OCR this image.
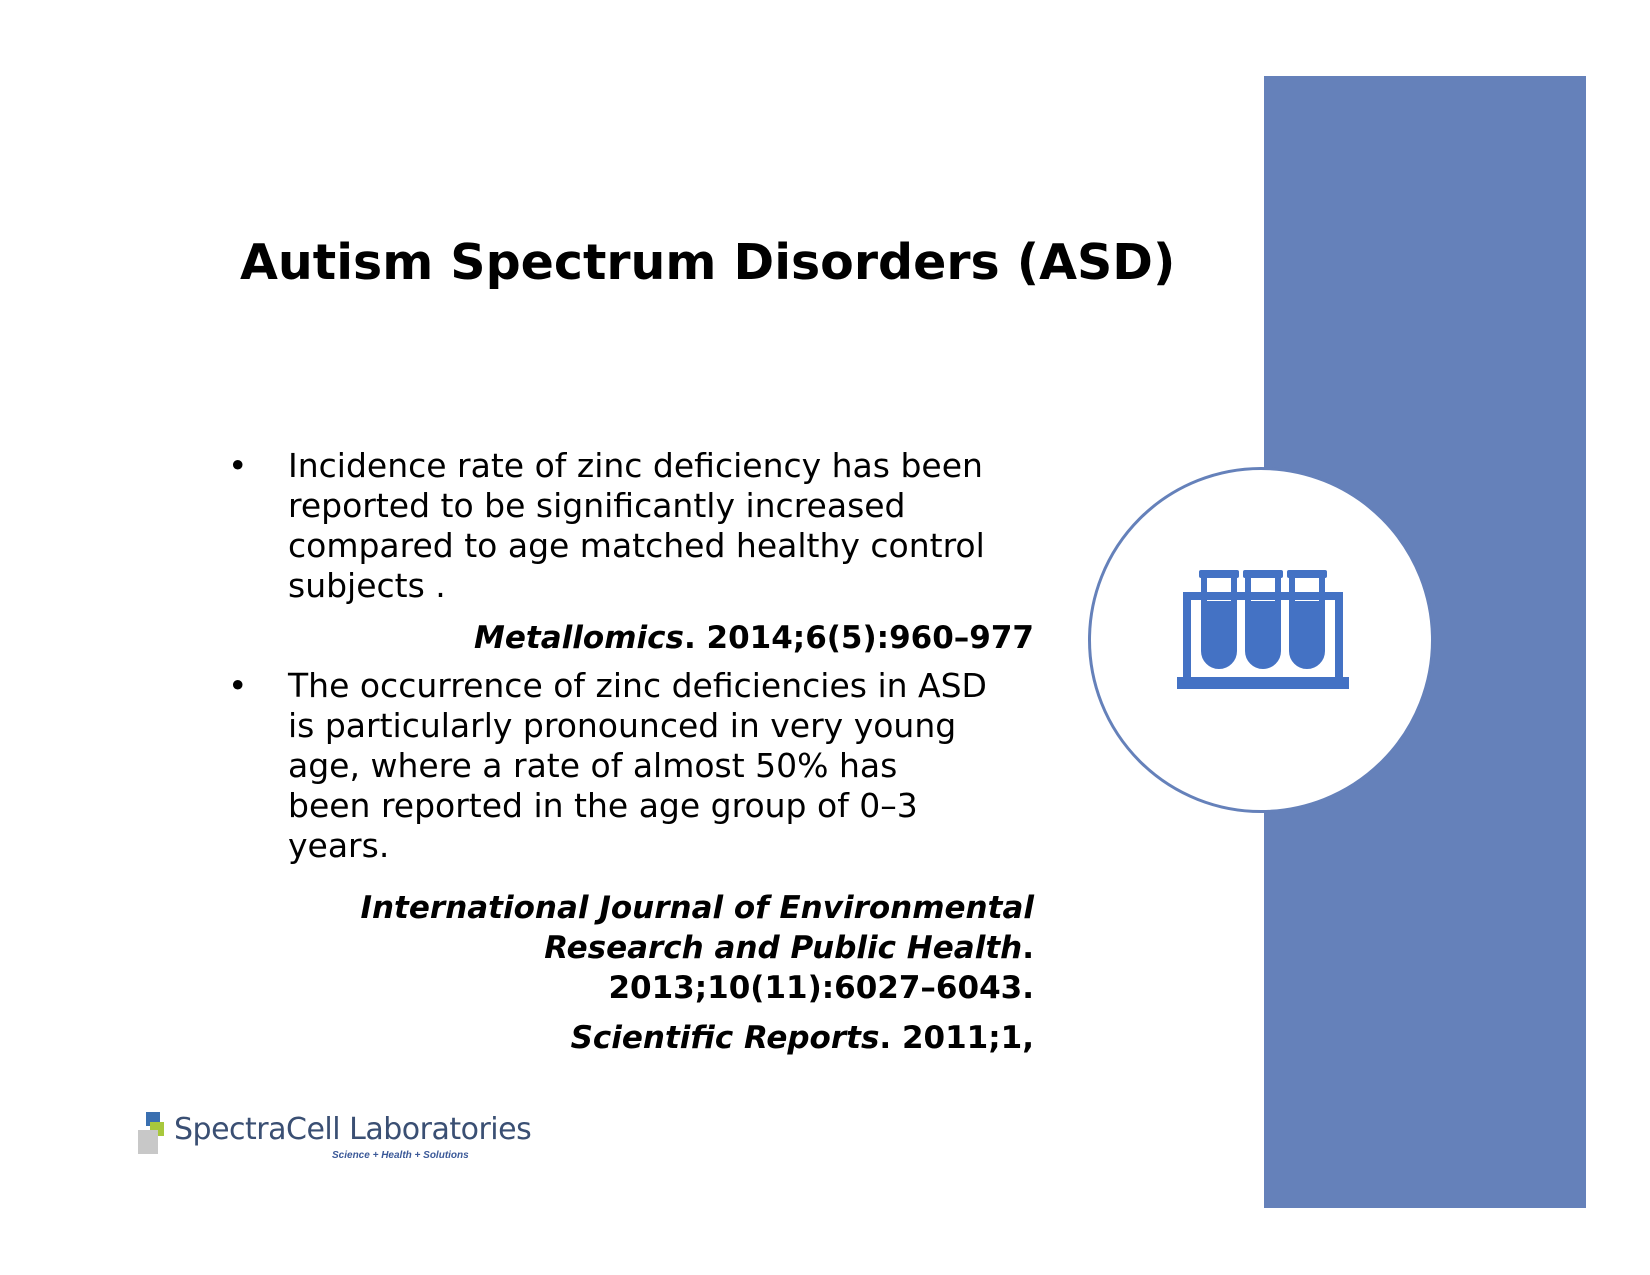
Autism Spectrum Disorders (ASD)
• Incidence rate of zinc deficiency has been reported to be significantly increased compared to age matched healthy control subjects .
Metallomics. 2014;6(5):960–977
• The occurrence of zinc deficiencies in ASD is particularly pronounced in very young age, where a rate of almost 50% has been reported in the age group of 0–3 years.
International Journal of Environmental
Research and Public Health.
2013;10(11):6027–6043.
Scientific Reports. 2011;1,
SpectraCell Laboratories
Science + Health + Solutions
